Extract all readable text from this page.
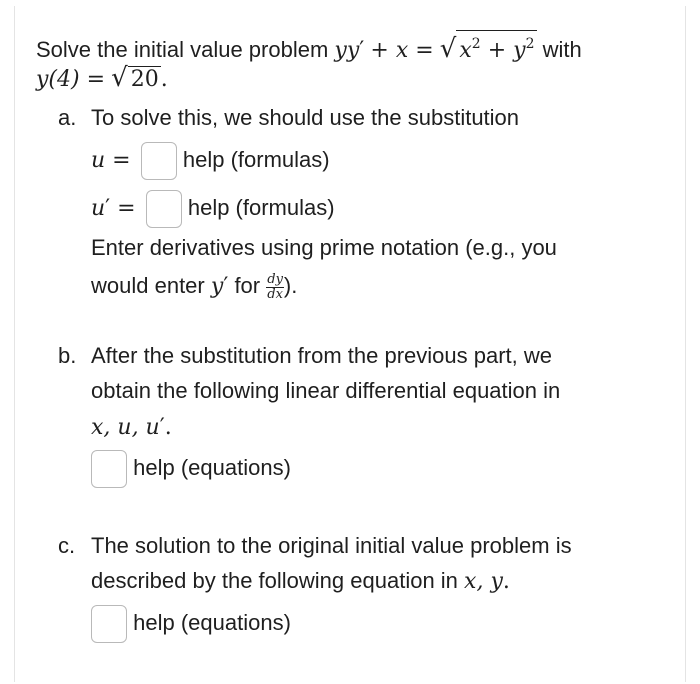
Solve the initial value problem yy′ + x = √ $x^2 + y^2$ with
y(4) = √ 20.
a. To solve this, we should use the substitution
u = help (formulas)
u′ = help (formulas)
Enter derivatives using prime notation (e.g., you
would enter y′ for $\frac{dy}{dx}$ ).
b. After the substitution from the previous part, we
obtain the following linear differential equation in
x, u, u′.
help (equations)
c. The solution to the original initial value problem is
described by the following equation in x, y.
help (equations)
